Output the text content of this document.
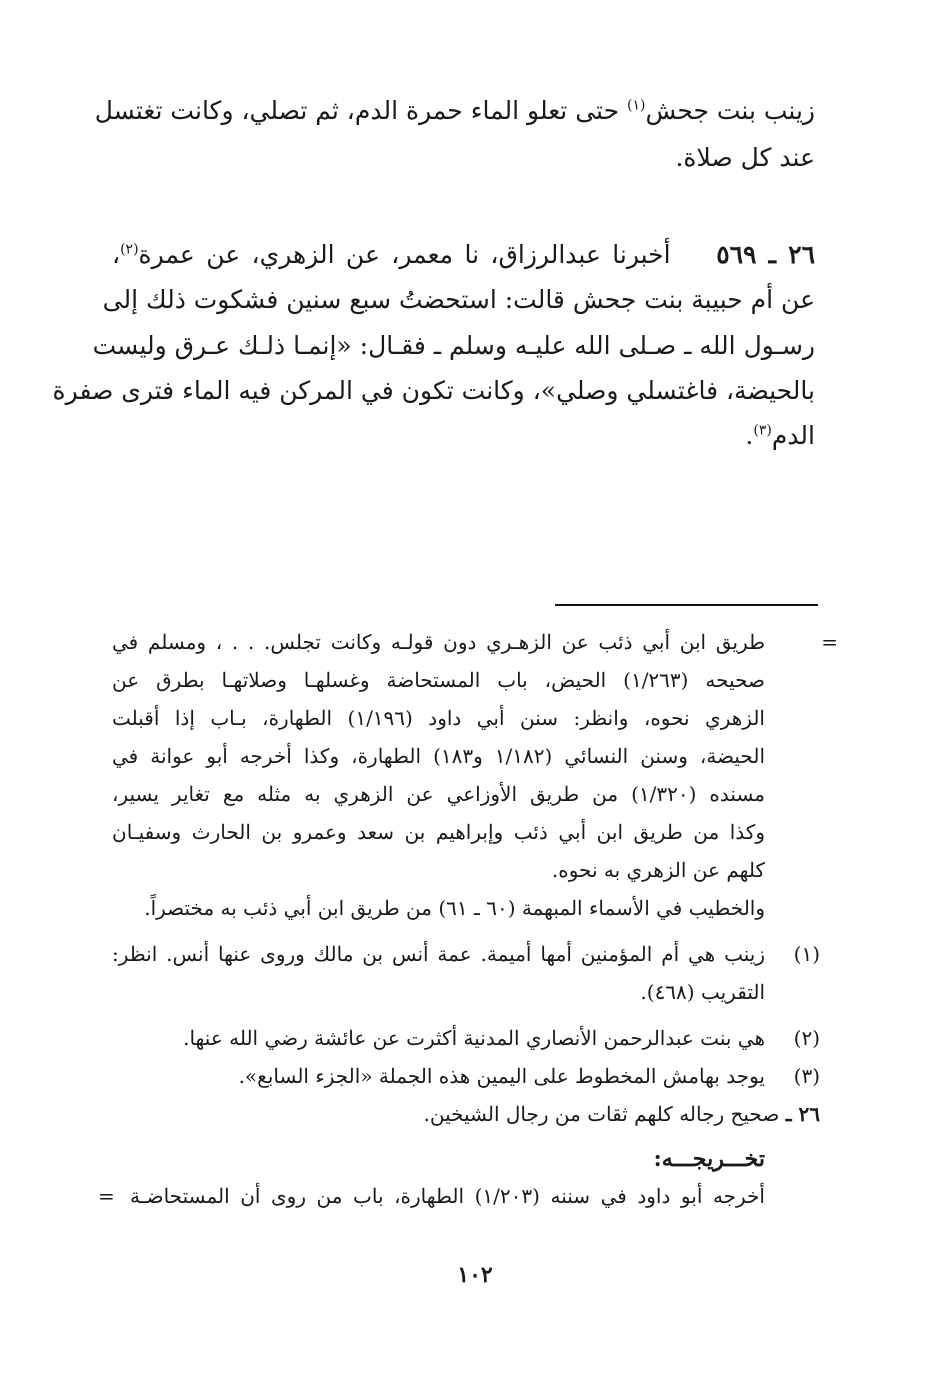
زينب بنت جحش$^{(١)}$ حتى تعلو الماء حمرة الدم، ثم تصلي، وكانت تغتسل
عند كل صلاة.
٢٦ ـ ٥٦٩    أخبرنا عبدالرزاق، نا معمر، عن الزهري، عن عمرة$^{(٢)}$،
عن أم حبيبة بنت جحش قالت: استحضتُ سبع سنين فشكوت ذلك إلى
رسـول الله ـ صـلى الله عليـه وسلم ـ فقـال: «إنمـا ذلـك عـرق وليست
بالحيضة، فاغتسلي وصلي»، وكانت تكون في المركن فيه الماء فترى صفرة
الدم$^{(٣)}$.
=
طريق ابن أبي ذئب عن الزهـري دون قولـه وكانت تجلس. . . ، ومسلم في
صحيحه (١/٢٦٣) الحيض، باب المستحاضة وغسلهـا وصلاتهـا بطرق عن
الزهري نحوه، وانظر: سنن أبي داود (١/١٩٦) الطهارة، بـاب إذا أقبلت
الحيضة، وسنن النسائي (١/١٨٢ و١٨٣) الطهارة، وكذا أخرجه أبو عوانة في
مسنده (١/٣٢٠) من طريق الأوزاعي عن الزهري به مثله مع تغاير يسير،
وكذا من طريق ابن أبي ذئب وإبراهيم بن سعد وعمرو بن الحارث وسفيـان
كلهم عن الزهري به نحوه.
والخطيب في الأسماء المبهمة (٦٠ ـ ٦١) من طريق ابن أبي ذئب به مختصراً.
(١)
زينب هي أم المؤمنين أمها أميمة. عمة أنس بن مالك وروى عنها أنس. انظر:
التقريب (٤٦٨).
(٢)
هي بنت عبدالرحمن الأنصاري المدنية أكثرت عن عائشة رضي الله عنها.
(٣)
يوجد بهامش المخطوط على اليمين هذه الجملة «الجزء السابع».
٢٦ ـ صحيح رجاله كلهم ثقات من رجال الشيخين.
تخـــريجـــه:
أخرجه أبو داود في سننه (١/٢٠٣) الطهارة، باب من روى أن المستحاضـة
=
١٠٢
